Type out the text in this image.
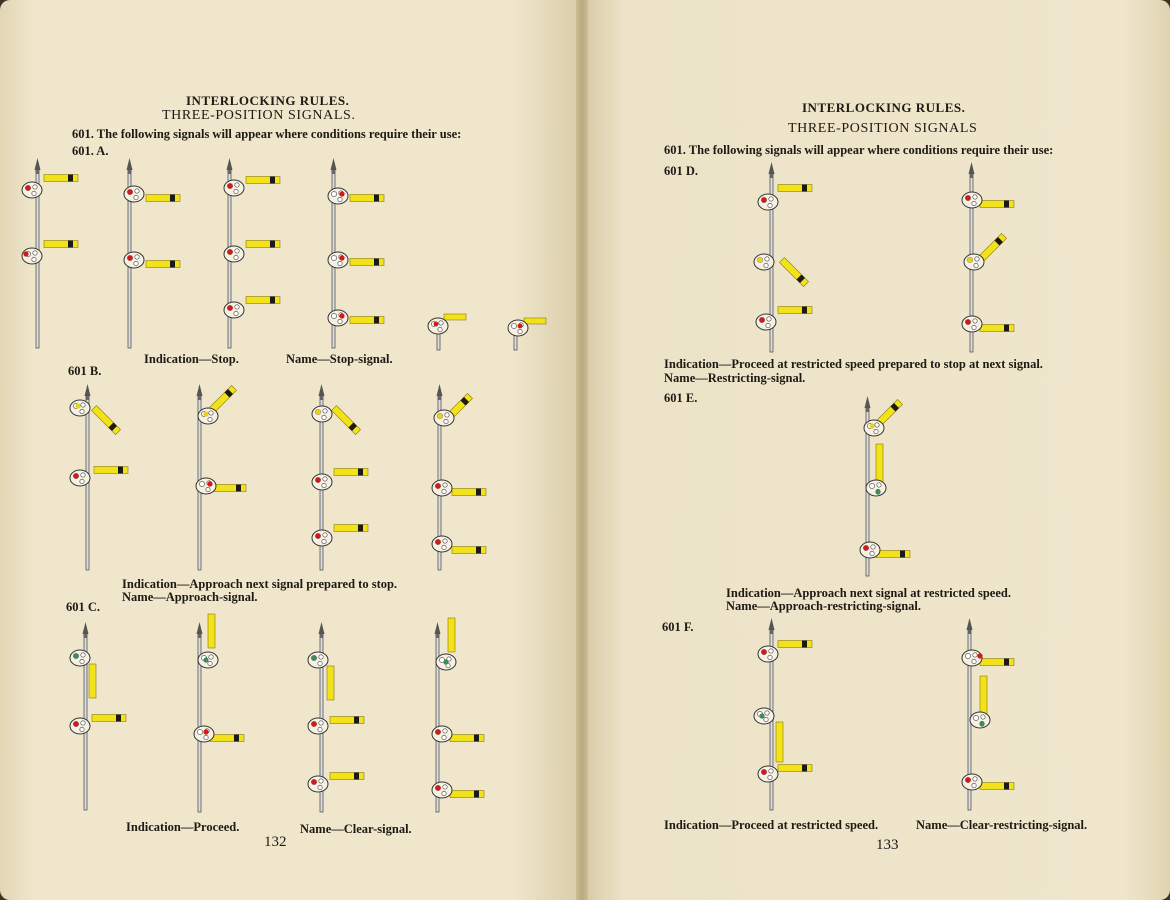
INTERLOCKING RULES.
THREE-POSITION SIGNALS.
601. The following signals will appear where conditions require their use:
601. A.
Indication—Stop.	Name—Stop-signal.
601 B.
Indication—Approach next signal prepared to stop.
Name—Approach-signal.
601 C.
Indication—Proceed.	Name—Clear-signal.
132
INTERLOCKING RULES.
THREE-POSITION SIGNALS
601. The following signals will appear where conditions require their use:
601 D.
Indication—Proceed at restricted speed prepared to stop at next signal.
Name—Restricting-signal.
601 E.
Indication—Approach next signal at restricted speed.
Name—Approach-restricting-signal.
601 F.
Indication—Proceed at restricted speed.	Name—Clear-restricting-signal.
133
